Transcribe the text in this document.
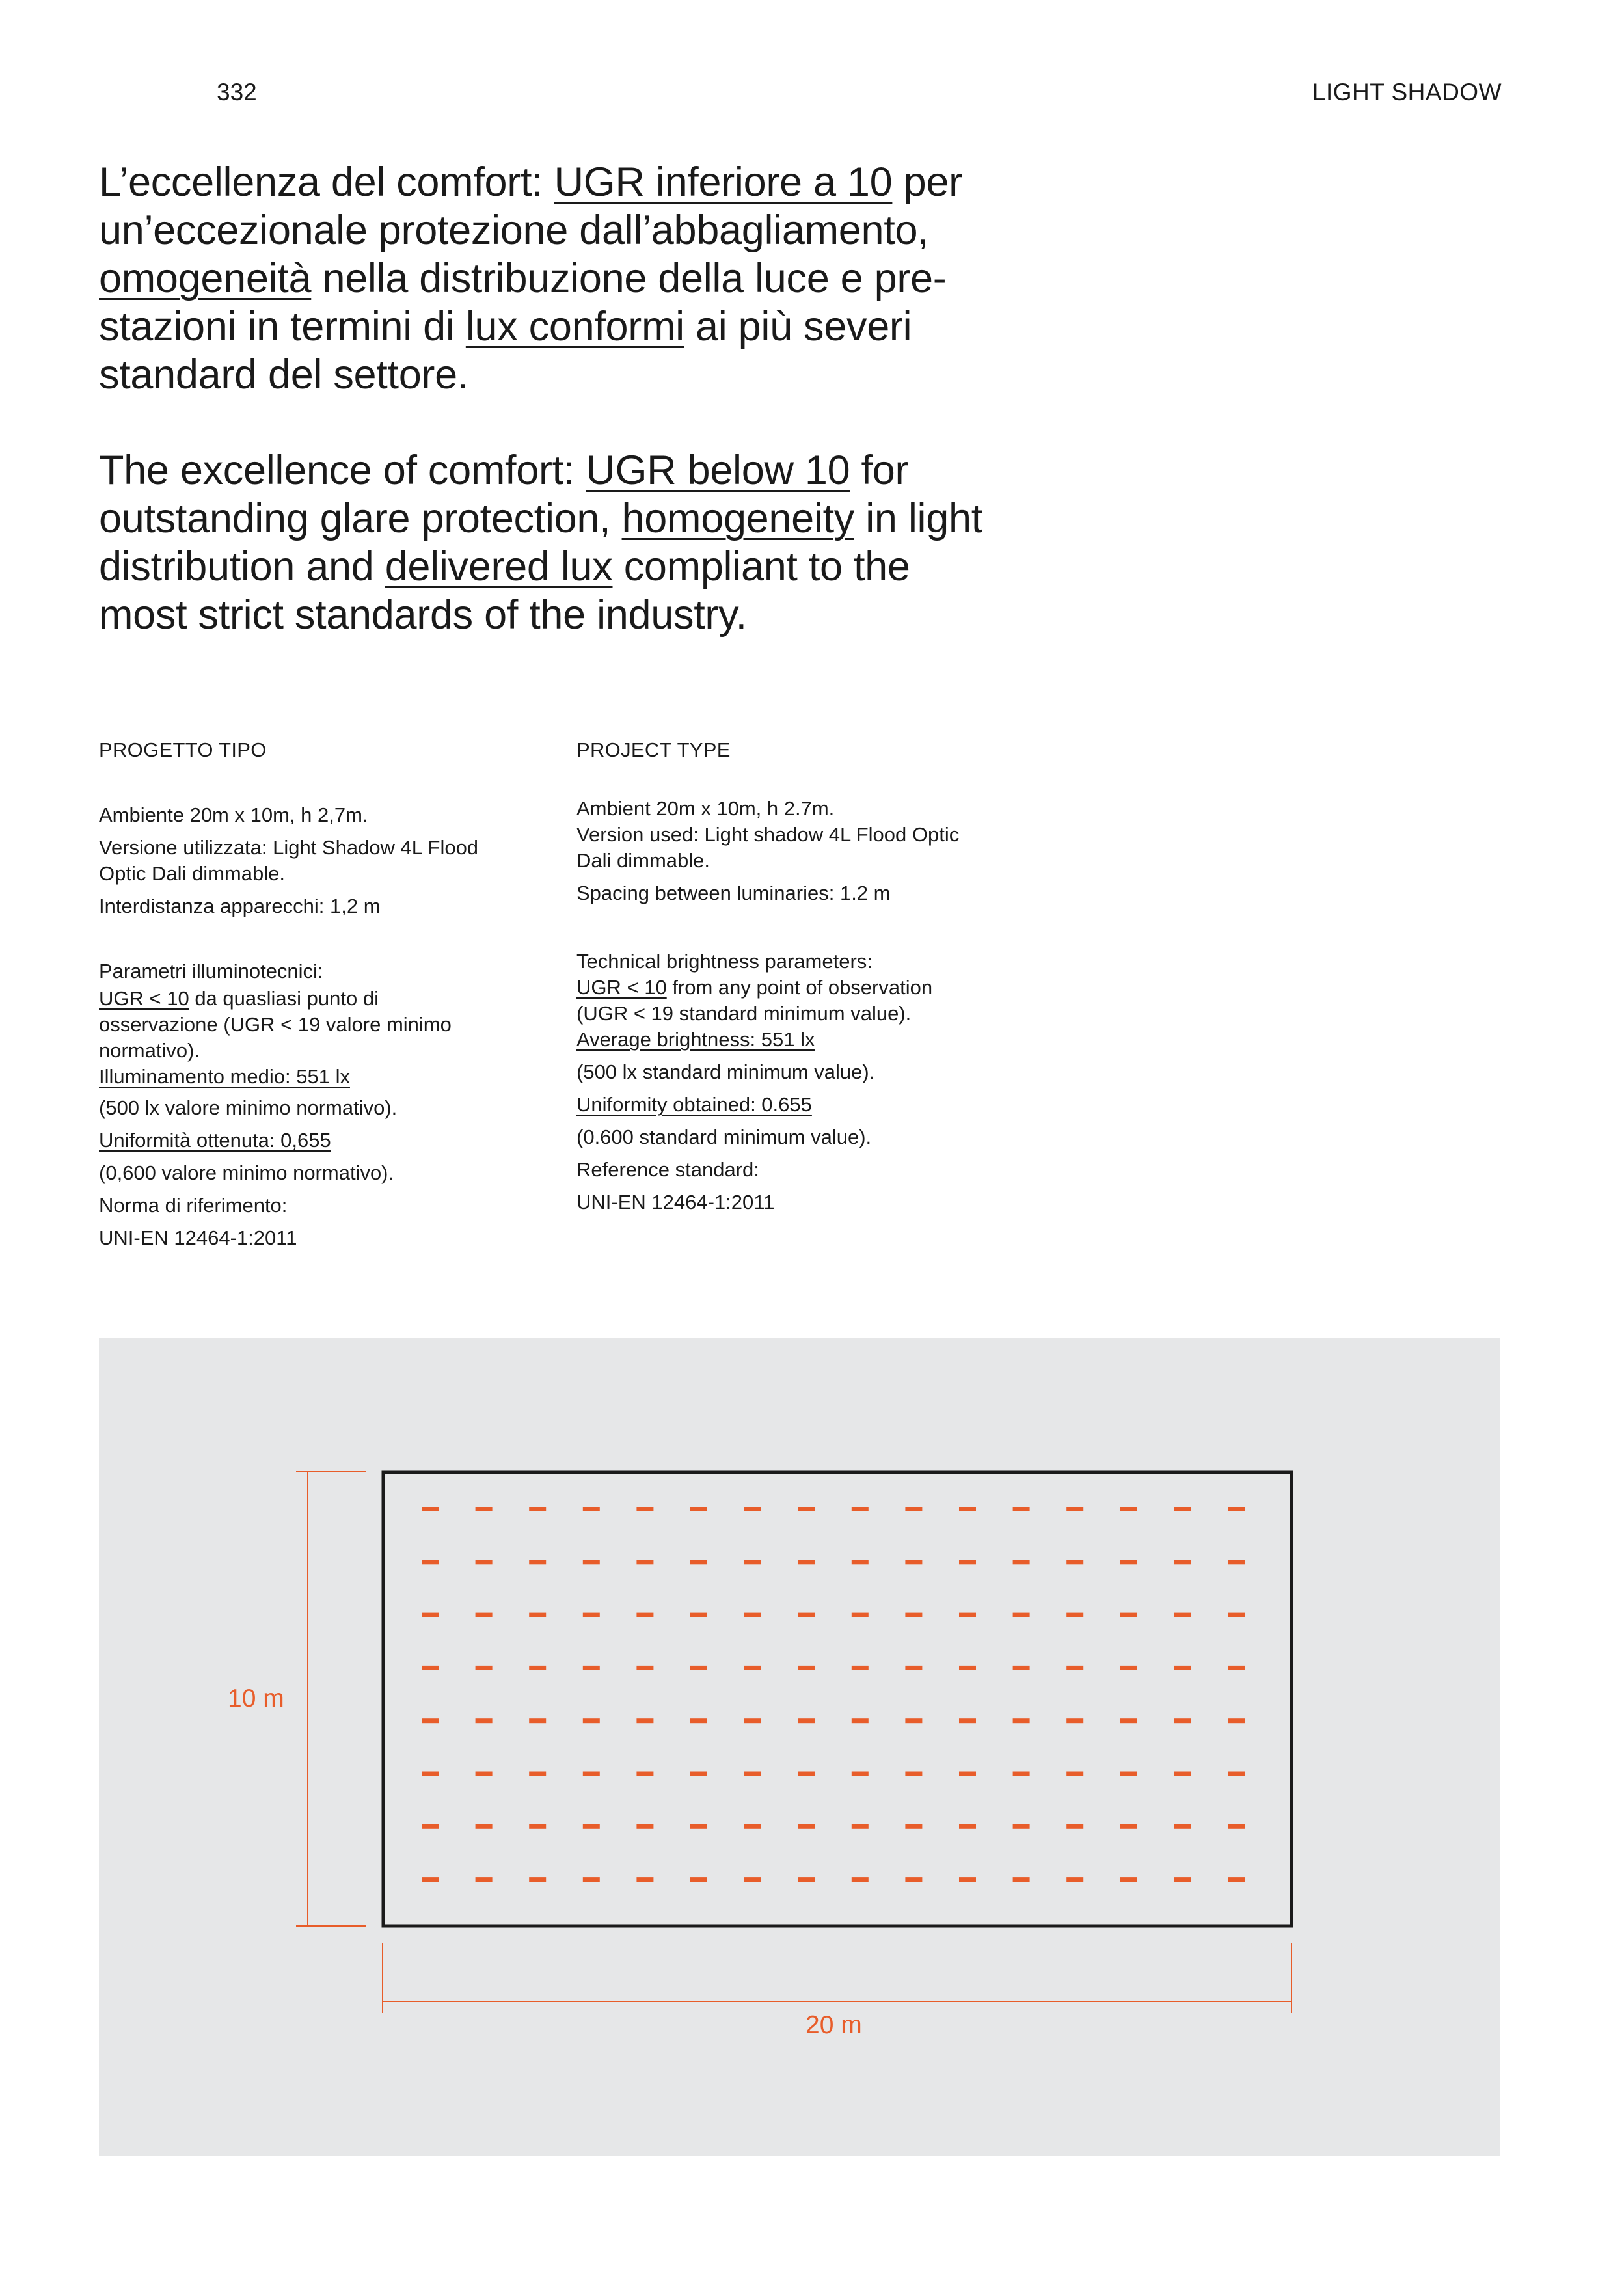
332	LIGHT SHADOW
L’eccellenza del comfort: UGR inferiore a 10 per
un’eccezionale protezione dall’abbagliamento,
omogeneità nella distribuzione della luce e pre-
stazioni in termini di lux conformi ai più severi
standard del settore.
The excellence of comfort: UGR below 10 for
outstanding glare protection, homogeneity in light
distribution and delivered lux compliant to the
most strict standards of the industry.
PROGETTO TIPO
Ambiente 20m x 10m, h 2,7m.
Versione utilizzata: Light Shadow 4L Flood
Optic Dali dimmable.
Interdistanza apparecchi: 1,2 m
Parametri illuminotecnici:
UGR < 10 da quasliasi punto di
osservazione (UGR < 19 valore minimo
normativo).
Illuminamento medio: 551 lx
(500 lx valore minimo normativo).
Uniformità ottenuta: 0,655
(0,600 valore minimo normativo).
Norma di riferimento:
UNI-EN 12464-1:2011
PROJECT TYPE
Ambient 20m x 10m, h 2.7m.
Version used: Light shadow 4L Flood Optic
Dali dimmable.
Spacing between luminaries: 1.2 m
Technical brightness parameters:
UGR < 10 from any point of observation
(UGR < 19 standard minimum value).
Average brightness: 551 lx
(500 lx standard minimum value).
Uniformity obtained: 0.655
(0.600 standard minimum value).
Reference standard:
UNI-EN 12464-1:2011
10 m
20 m
